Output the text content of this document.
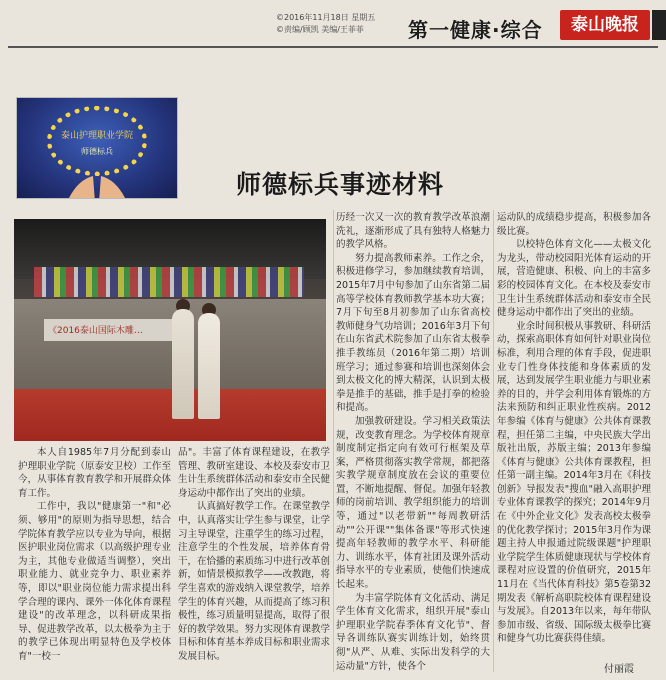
©2016年11月18日 星期五
©责编/顾凯 美编/王菲菲	第一健康·综合	泰山晚报
泰山护理职业学院
师德标兵
师德标兵事迹材料
《2016泰山国际木雕…

本人自1985年7月分配到泰山护理职业学院（原泰安卫校）工作至今，从事体育教育教学和开展群众体育工作。

工作中，我以"健康第一"和"必须、够用"的原则为指导思想，结合学院体育教学应以专业为导向，根据医护职业岗位需求（以高级护理专业为主，其他专业做适当调整），突出职业能力、就业竞争力、职业素养等，即以"职业岗位能力需求提出科学合理的课内、课外一体化体育课程建设"的改革理念，以科研成果指导、促进教学改革，以太极拳为主于的教学已体现出明显特色及学校体育"一校一

品"。丰富了体育课程建设，在教学管理、教研室建设、本校及泰安市卫生计生系统群体活动和泰安市全民健身运动中都作出了突出的业绩。

认真搞好教学工作。在课堂教学中，认真落实让学生参与课堂，让学习主导课堂，注重学生的练习过程，注意学生的个性发展，培养体育骨干，在恰播的素质练习中进行改革创新，如情景模拟教学——改教跑，将学生喜欢的游戏纳入课堂教学，培养学生的体育兴趣，从而提高了练习积极性，练习质量明显提高，取得了很好的教学效果。努力实现体育课教学目标和体育基本养成目标和职业需求发展目标。

历经一次又一次的教育教学改革浪潮洗礼，逐渐形成了具有独特人格魅力的教学风格。

努力提高教师素养。工作之余，积极进修学习，参加继续教育培训，2015年7月中旬参加了山东省第二届高等学校体育教师教学基本功大赛；7月下旬至8月初参加了山东省高校教师健身气功培训；2016年3月下旬在山东省武术院参加了山东省太极拳推手教练员（2016年第二期）培训班学习；通过参赛和培训也深刻体会到太极文化的博大精深，认识到太极拳是推手的基础，推手是打拳的检验和提高。

加强教研建设。学习相关政策法规，改变教育理念。为学校体育规章制度制定指定向有效可行框架及草案，严格贯彻落实教学常规，都把落实教学规章制度放在会议的重要位置，不断地提醒、督促。加强年轻教师的岗前培训、教学组织能力的培训等，通过"以老带新""每周教研活动""公开课""集体备课"等形式快速提高年轻教师的教学水平、科研能力、训练水平，体育社团及课外活动指导水平的专业素质，使他们快速成长起来。

为丰富学院体育文化活动、满足学生体育文化需求，组织开展"泰山护理职业学院春季体育文化节"、督导各训练队赛实训练计划，始终贯彻"从严、从难、实际出发科学的大运动量"方针，使各个

运动队的成绩稳步提高，积极参加各级比赛。

以校特色体育文化——太极文化为龙头，带动校园阳光体育运动的开展，营造健康、积极、向上的丰富多彩的校园体育文化。在本校及泰安市卫生计生系统群体活动和泰安市全民健身运动中都作出了突出的业绩。

业余时间积极从事教研、科研活动，探索高职体育如何针对职业岗位标准，利用合理的体育手段，促进职业专门性身体技能和身体素质的发展，达到发展学生职业能力与职业素养的目的，并学会利用体育锻炼的方法来预防和纠正职业性疾病。2012年参编《体育与健康》公共体育课教程，担任第二主编，中央民族大学出版社出版，苏版主编；2013年参编《体育与健康》公共体育课教程，担任第一副主编。2014年3月在《科技创新》导报发表"搜血"融入高职护理专业体育课教学的探究；2014年9月在《中外企业文化》发表高校太极拳的优化教学探讨；2015年3月作为课题主持人申报通过院级课题"护理职业学院学生体质健康现状与学校体育课程对应设置的价值研究，2015年11月在《当代体育科技》第5卷第32期发表《解析高职院校体育课程建设与发展》。自2013年以来，每年带队参加市级、省级、国际级太极拳比赛和健身气功比赛获得佳绩。

付丽霞
